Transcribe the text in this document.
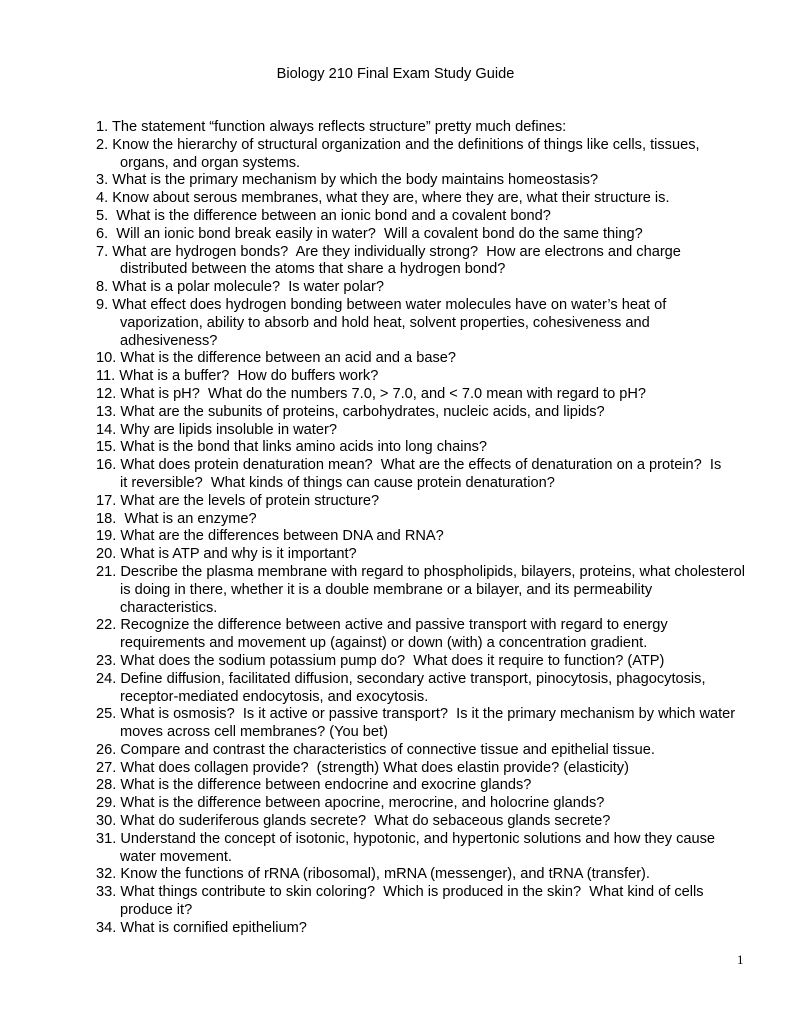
Biology 210 Final Exam Study Guide
1. The statement “function always reflects structure” pretty much defines:
2. Know the hierarchy of structural organization and the definitions of things like cells, tissues,
organs, and organ systems.
3. What is the primary mechanism by which the body maintains homeostasis?
4. Know about serous membranes, what they are, where they are, what their structure is.
5.  What is the difference between an ionic bond and a covalent bond?
6.  Will an ionic bond break easily in water?  Will a covalent bond do the same thing?
7. What are hydrogen bonds?  Are they individually strong?  How are electrons and charge
distributed between the atoms that share a hydrogen bond?
8. What is a polar molecule?  Is water polar?
9. What effect does hydrogen bonding between water molecules have on water’s heat of
vaporization, ability to absorb and hold heat, solvent properties, cohesiveness and
adhesiveness?
10. What is the difference between an acid and a base?
11. What is a buffer?  How do buffers work?
12. What is pH?  What do the numbers 7.0, > 7.0, and < 7.0 mean with regard to pH?
13. What are the subunits of proteins, carbohydrates, nucleic acids, and lipids?
14. Why are lipids insoluble in water?
15. What is the bond that links amino acids into long chains?
16. What does protein denaturation mean?  What are the effects of denaturation on a protein?  Is
it reversible?  What kinds of things can cause protein denaturation?
17. What are the levels of protein structure?
18.  What is an enzyme?
19. What are the differences between DNA and RNA?
20. What is ATP and why is it important?
21. Describe the plasma membrane with regard to phospholipids, bilayers, proteins, what cholesterol
is doing in there, whether it is a double membrane or a bilayer, and its permeability
characteristics.
22. Recognize the difference between active and passive transport with regard to energy
requirements and movement up (against) or down (with) a concentration gradient.
23. What does the sodium potassium pump do?  What does it require to function? (ATP)
24. Define diffusion, facilitated diffusion, secondary active transport, pinocytosis, phagocytosis,
receptor-mediated endocytosis, and exocytosis.
25. What is osmosis?  Is it active or passive transport?  Is it the primary mechanism by which water
moves across cell membranes? (You bet)
26. Compare and contrast the characteristics of connective tissue and epithelial tissue.
27. What does collagen provide?  (strength) What does elastin provide? (elasticity)
28. What is the difference between endocrine and exocrine glands?
29. What is the difference between apocrine, merocrine, and holocrine glands?
30. What do suderiferous glands secrete?  What do sebaceous glands secrete?
31. Understand the concept of isotonic, hypotonic, and hypertonic solutions and how they cause
water movement.
32. Know the functions of rRNA (ribosomal), mRNA (messenger), and tRNA (transfer).
33. What things contribute to skin coloring?  Which is produced in the skin?  What kind of cells
produce it?
34. What is cornified epithelium?
1
